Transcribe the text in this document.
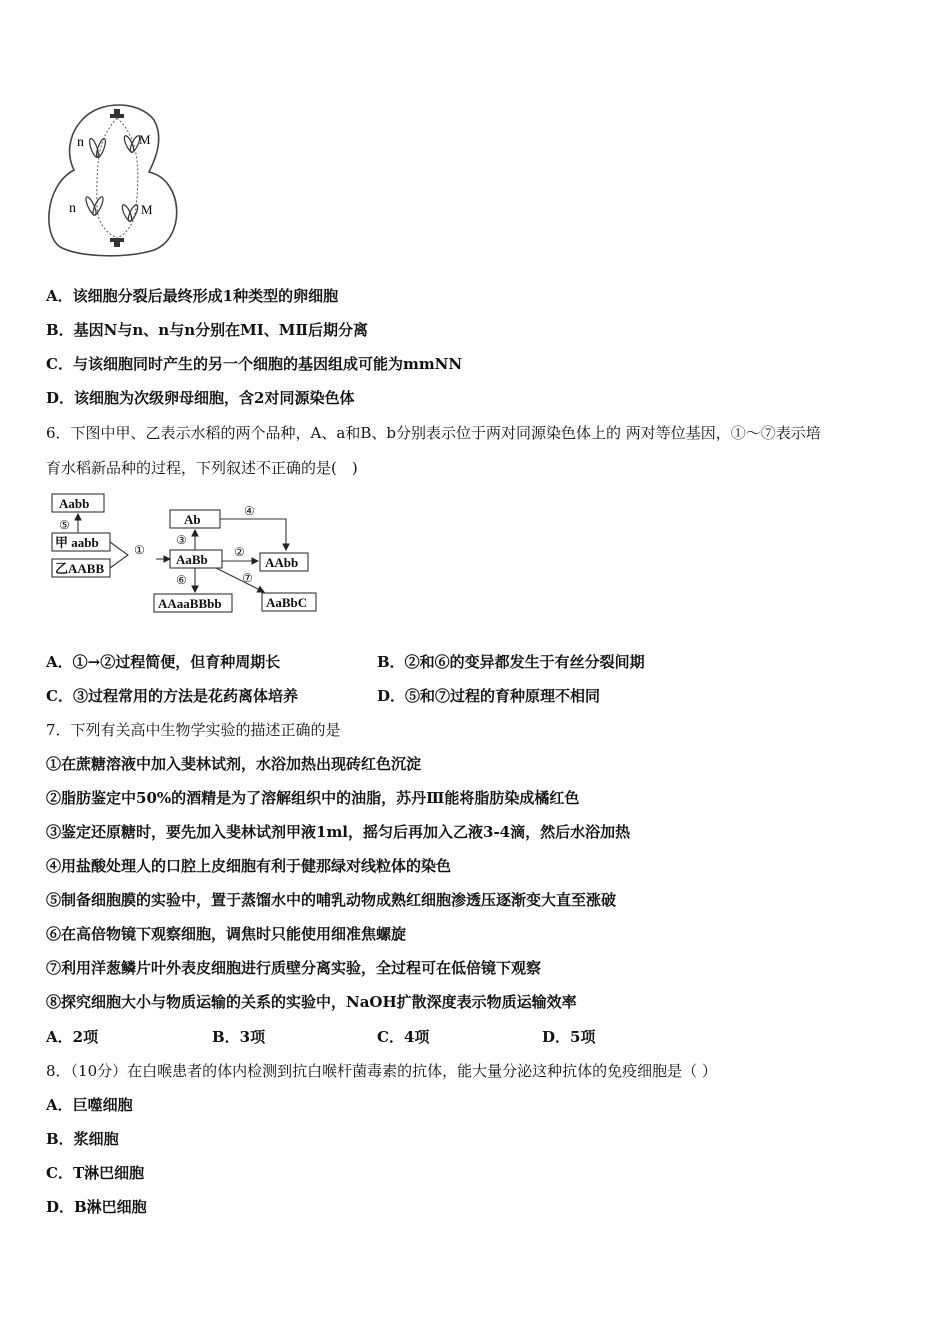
n	M
n	M
A．该细胞分裂后最终形成1种类型的卵细胞
B．基因N与n、n与n分别在MⅠ、MⅡ后期分离
C．与该细胞同时产生的另一个细胞的基因组成可能为mmNN
D．该细胞为次级卵母细胞，含2对同源染色体
6．下图中甲、乙表示水稻的两个品种，A、a和B、b分别表示位于两对同源染色体上的 两对等位基因，①～⑦表示培
育水稻新品种的过程，下列叙述不正确的是(　)
Aabb
甲 aabb
乙AABB
Ab
AaBb	AAbb
AAaaBBbb	AaBbC
⑤
①
③
④
②
⑥	⑦
A．①→②过程简便，但育种周期长	B．②和⑥的变异都发生于有丝分裂间期
C．③过程常用的方法是花药离体培养	D．⑤和⑦过程的育种原理不相同
7．下列有关高中生物学实验的描述正确的是
①在蔗糖溶液中加入斐林试剂，水浴加热出现砖红色沉淀
②脂肪鉴定中50%的酒精是为了溶解组织中的油脂，苏丹Ⅲ能将脂肪染成橘红色
③鉴定还原糖时，要先加入斐林试剂甲液1ml，摇匀后再加入乙液3-4滴，然后水浴加热
④用盐酸处理人的口腔上皮细胞有利于健那绿对线粒体的染色
⑤制备细胞膜的实验中，置于蒸馏水中的哺乳动物成熟红细胞渗透压逐渐变大直至涨破
⑥在高倍物镜下观察细胞，调焦时只能使用细准焦螺旋
⑦利用洋葱鳞片叶外表皮细胞进行质壁分离实验，全过程可在低倍镜下观察
⑧探究细胞大小与物质运输的关系的实验中，NaOH扩散深度表示物质运输效率
A．2项	B．3项	C．4项	D．5项
8．（10分）在白喉患者的体内检测到抗白喉杆菌毒素的抗体，能大量分泌这种抗体的免疫细胞是（ ）
A．巨噬细胞
B．浆细胞
C．T淋巴细胞
D．B淋巴细胞
